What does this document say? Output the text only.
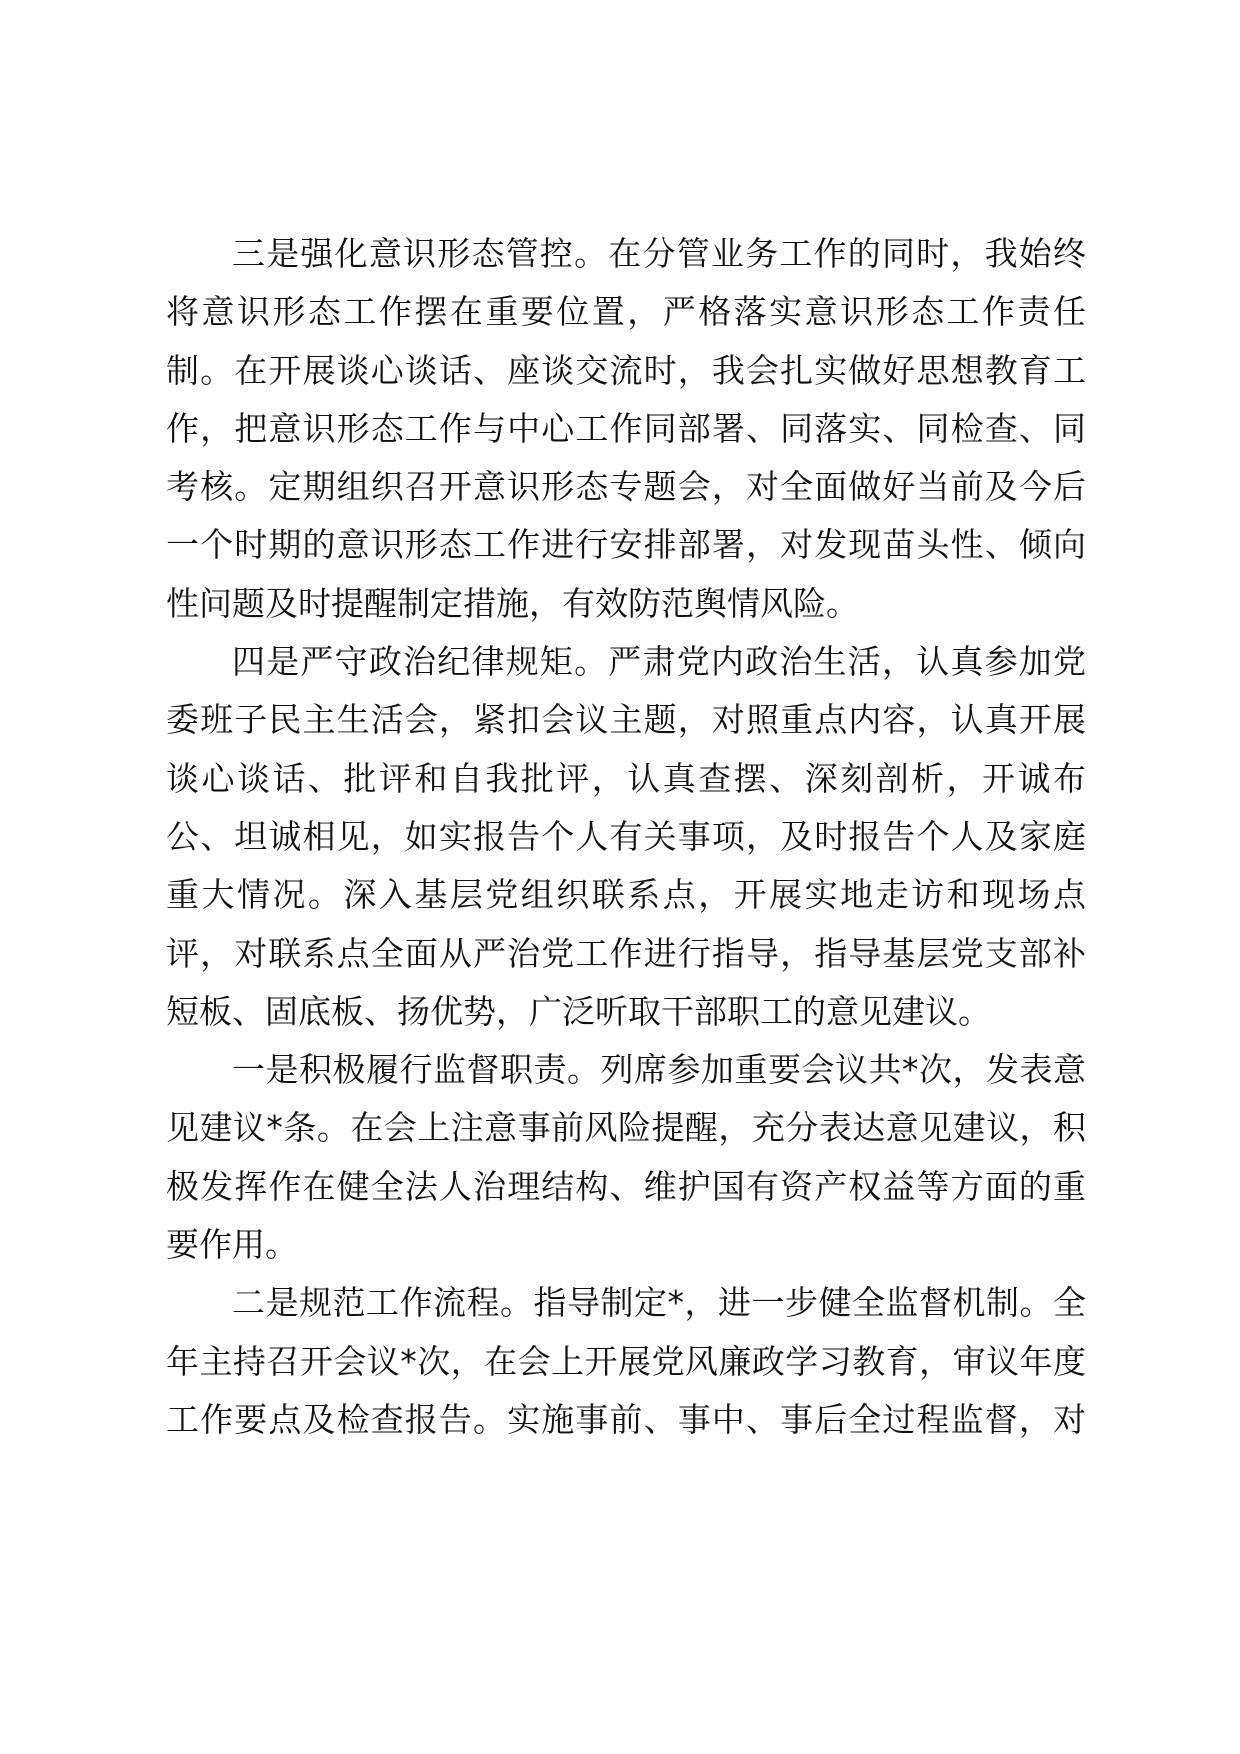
三是强化意识形态管控。在分管业务工作的同时，我始终
将意识形态工作摆在重要位置，严格落实意识形态工作责任
制。在开展谈心谈话、座谈交流时，我会扎实做好思想教育工
作，把意识形态工作与中心工作同部署、同落实、同检查、同
考核。定期组织召开意识形态专题会，对全面做好当前及今后
一个时期的意识形态工作进行安排部署，对发现苗头性、倾向
性问题及时提醒制定措施，有效防范舆情风险。
四是严守政治纪律规矩。严肃党内政治生活，认真参加党
委班子民主生活会，紧扣会议主题，对照重点内容，认真开展
谈心谈话、批评和自我批评，认真查摆、深刻剖析，开诚布
公、坦诚相见，如实报告个人有关事项，及时报告个人及家庭
重大情况。深入基层党组织联系点，开展实地走访和现场点
评，对联系点全面从严治党工作进行指导，指导基层党支部补
短板、固底板、扬优势，广泛听取干部职工的意见建议。
一是积极履行监督职责。列席参加重要会议共*次，发表意
见建议*条。在会上注意事前风险提醒，充分表达意见建议，积
极发挥作在健全法人治理结构、维护国有资产权益等方面的重
要作用。
二是规范工作流程。指导制定*，进一步健全监督机制。全
年主持召开会议*次，在会上开展党风廉政学习教育，审议年度
工作要点及检查报告。实施事前、事中、事后全过程监督，对
